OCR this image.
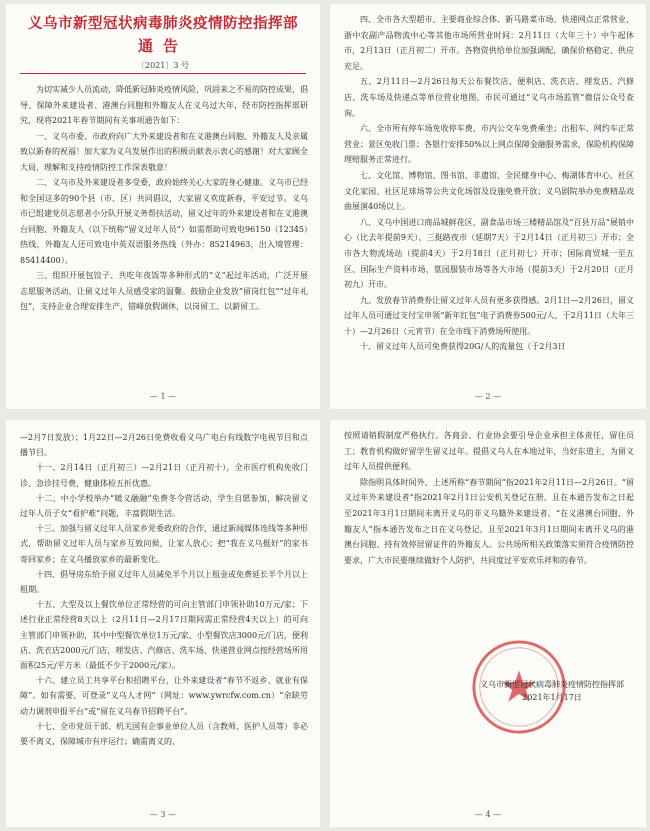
义乌市新型冠状病毒肺炎疫情防控指挥部
通告
〔2021〕3 号

为切实减少人员流动，降低新冠肺炎疫情风险，巩固来之不易的防控成果，倡导、保障外来建设者、港澳台同胞和外籍友人在义乌过大年，经市防控指挥部研究，现将2021年春节期间有关事项通告如下：

一、义乌市委、市政府向广大外来建设者和在义港澳台同胞、外籍友人及亲属致以新春的祝福！加大家为义乌发展作出的积极贡献表示衷心的感谢！对大家顾全大局，理解和支持疫情防控工作深表敬意！

二、义乌市及外来建设者多受委，政府始终关心大家的身心健康。义乌市已经和全国这多的90个县（市、区）共同倡议，大家留义欢度新春，平安过节。义乌市已组建党员志愿者小分队开展义务帮扶活动，留义过年的外来建设者和在义港澳台同胞、外籍友人（以下统称“留义过年人员”）如需帮助可致电96150（12345）热线，外籍友人还可致电中英双语服务热线（外办：85214963，出入境管理：85414400）。

三、组织开展包饺子、共吃年夜饭等多种形式的“义”起过年活动，广泛开展志愿服务活动，让留义过年人员感受家的温馨。鼓励企业发放“留岗红包”“过年礼包”，支持企业合理安排生产，错峰放假调休，以岗留工、以薪留工。

— 1 —

四、全市各大型超市、主要商业综合体、新马路菜市场、快递网点正常营业，浙中农副产品物流中心等其他市场所营业时间：2月11日（大年三十）中午起休市，2月13日（正月初二）开市。各物资供给单位加强调配，确保价格稳定、供应充足。

五、2月11日—2月26日每天公布餐饮店、便利店、洗衣店、理发店、汽修店、洗车场及快递点等单位营业地图，市民可通过“义乌市场监管”微信公众号查询。

六、全市所有停车场免收停车费，市内公交车免费乘坐；出租车、网约车正常营业；景区免收门票；各银行安排50%以上网点保障金融服务需求，保险机构保障理赔服务正常进行。

七、文化馆、博物馆、图书馆、非遗馆、全民健身中心、梅湖体育中心、社区文化家园、社区足球场等公共文化场馆及设施免费开放；义乌剧院举办免费精品戏曲展演40场以上。

八、义乌中国进口商品城鲜花区，副食品市场三楼精品馆及“百县万品”展销中心（比去年提前9天）、三挺路夜市（延期7天）于2月14日（正月初三）开市；全市各大物流场站（提前4天）于2月18日（正月初七）开市；国际商贸城一至五区、国际生产资料市场、篁园服装市场等各大市场（提前3天）于2月20日（正月初九）开市。

九、发放春节消费券让留义过年人员有更多获得感。2月1日—2月26日，留义过年人员可通过支付宝申领“新年红包”电子消费券500元/人，于2月11日（大年三十）—2月26日（元宵节）在全市线下消费场所使用。

十、留义过年人员可免费获得20G/人的流量包（于2月3日

— 2 —

—2月7日发放）；1月22日—2月26日免费收看义乌广电台有线数字电视节目和点播节目。

十一、2月14日（正月初三）—2月21日（正月初十），全市医疗机构免收门诊、急诊挂号费，健康体检五折优惠。

十二、中小学校举办“暖义融融”免费冬令营活动，学生自愿参加，解决留义过年人员子女“看护难”问题，丰富假期生活。

十三、加强与留义过年人员家乡党委政府的合作，通过新闻媒体连线等多种形式，帮助留义过年人员与家乡互致问候，让家人放心；把“我在义乌挺好”的家书寄回家乡；在义乌播放家乡的最新变化。

十四、倡导房东给予留义过年人员减免半个月以上租金或免费延长半个月以上租期。

十五、大型及以上餐饮单位正常经营的可向主管部门申领补助10万元/家；下述行业正常经营8天以上（2月11日—2月17日期间需正常经营4天以上）的可向主管部门申领补助，其中中型餐饮单位1万元/家、小型餐饮店3000元/门店，便利店、洗衣店2000元/门店，理发店、汽修店、洗车场、快递营业网点按经营场所用面积25元/平方米（最低不少于2000元/家）。

十六、建立员工共享平台和招聘平台，让外来建设者“春节不返乡、就业有保障”。如有需要，可登录“义乌人才网”（网址：www.ywrcfw.com.cn）“余缺劳动力调剂申报平台”或“留在义乌春节招聘平台”。

十七、全市党员干部、机关国有企事业单位人员（含教师、医护人员等）非必要不离义，保障城市有序运行；确需离义的，

— 3 —

按照请销假制度严格执行。各商会、行业协会要引导企业承担主体责任，留住员工；教育机构做好留学生留义过年。提倡义乌人在本地过年，当好东道主，为留义过年人员提供便利。

除指明具体时间外，上述所称“春节期间”指2021年2月11日—2月26日。“留义过年外来建设者”指2021年2月1日公安机关登记在册，且在本通告发布之日起至2021年3月1日期间未离开义乌的非义乌籍外来建设者。“在义港澳台同胞、外籍友人”指本通告发布之日在义乌登记，且至2021年3月1日期间未离开义乌的港澳台同胞、持有效停居留证件的外籍友人。公共场所相关政策落实须符合疫情防控要求，广大市民要继续做好个人防护，共同度过平安欢乐祥和的春节。

义乌市新型冠状病毒肺炎疫情防控指挥部
2021年1月17日
— 4 —
